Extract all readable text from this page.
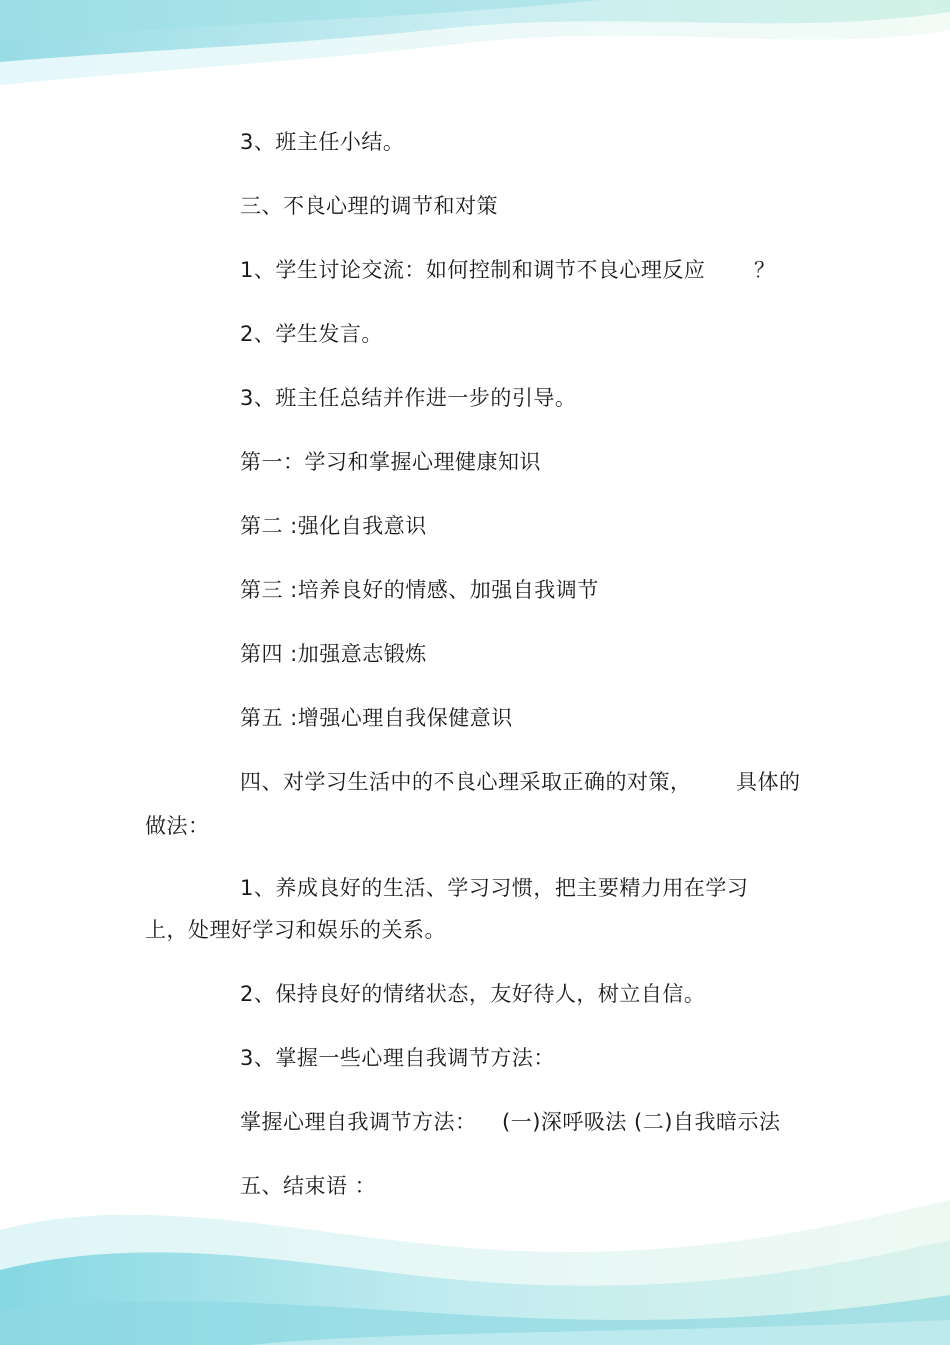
3、班主任小结。
三、不良心理的调节和对策
1、学生讨论交流：如何控制和调节不良心理反应 ？
2、学生发言。
3、班主任总结并作进一步的引导。
第一：学习和掌握心理健康知识
第二 :强化自我意识
第三 :培养良好的情感、加强自我调节
第四 :加强意志锻炼
第五 :增强心理自我保健意识
四、对学习生活中的不良心理采取正确的对策， 具体的
做法：
1、养成良好的生活、学习习惯，把主要精力用在学习
上，处理好学习和娱乐的关系。
2、保持良好的情绪状态，友好待人，树立自信。
3、掌握一些心理自我调节方法：
掌握心理自我调节方法： (一)深呼吸法 (二)自我暗示法
五、结束语 ：
